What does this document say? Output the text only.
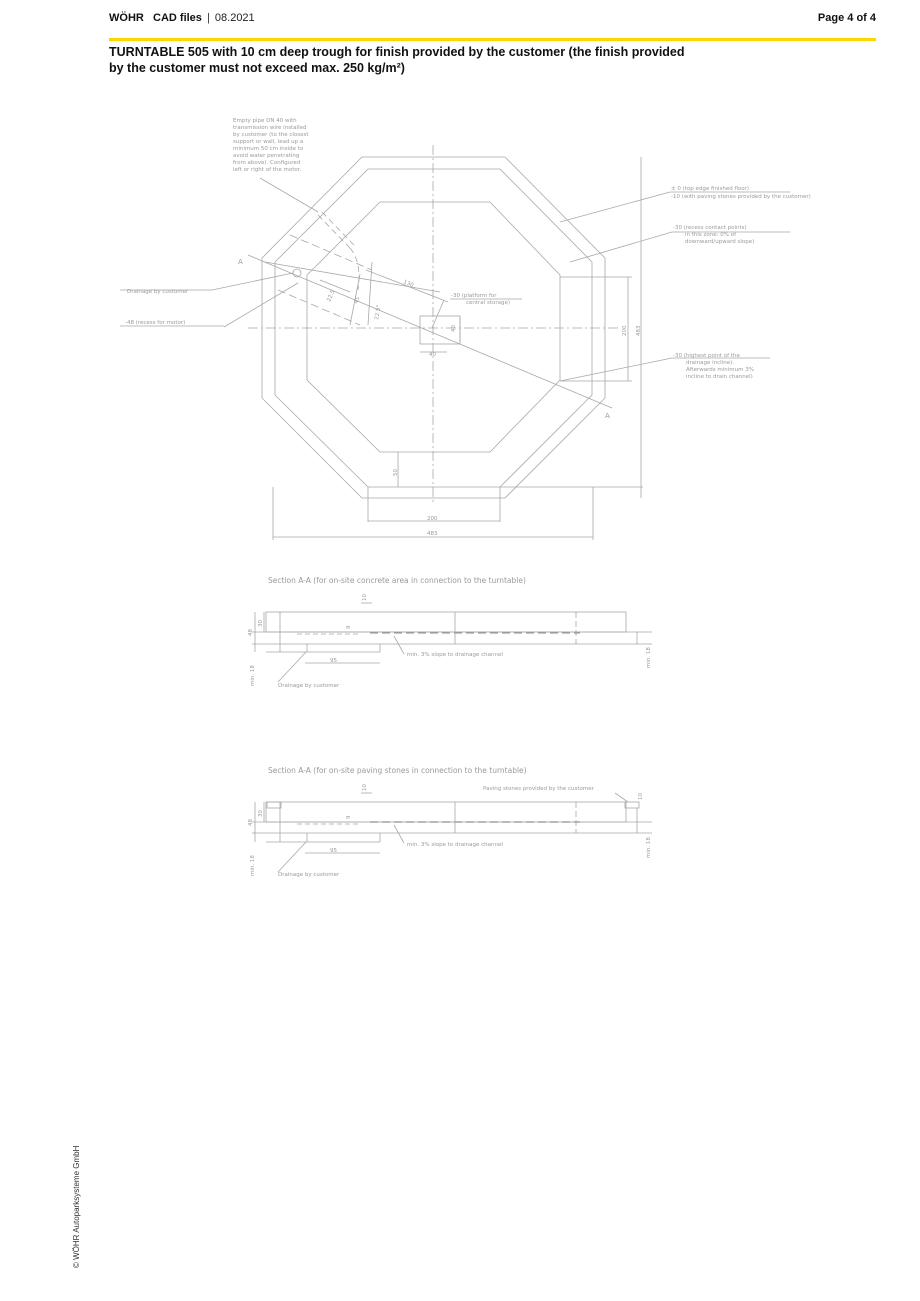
WÖHR CAD files | 08.2021	Page 4 of 4
TURNTABLE 505 with 10 cm deep trough for finish provided by the customer (the finish provided
by the customer must not exceed max. 250 kg/m²)
Empty pipe DN 40 with
transmission wire installed
by customer (to the closest
support or wall, lead up a
minimum 50 cm inside to
avoid water penetrating
from above). Configured
left or right of the motor.
± 0 (top edge finished floor)
-10 (with paving stones provided by the customer)
-30 (recess contact points)
in this zone: 0% of
downward/upward slope)
Drainage by customer
-48 (recess for motor)
-30 (platform for
central storage)
-30 (highest point of the
drainage incline).
Afterwards minimum 3%
incline to drain channel)
A
A
130
22.5	45
22.5°
40
40
200 483
50
200
483
Section A-A (for on-site concrete area in connection to the turntable)
10
48
30
9
95
min. 18
min. 18
min. 3% slope to drainage channel
Drainage by customer
Section A-A (for on-site paving stones in connection to the turntable)
Paving stones provided by the customer
10
10
48
30
9
95
min. 18
min. 18
min. 3% slope to drainage channel
Drainage by customer
© WÖHR Autoparksysteme GmbH
